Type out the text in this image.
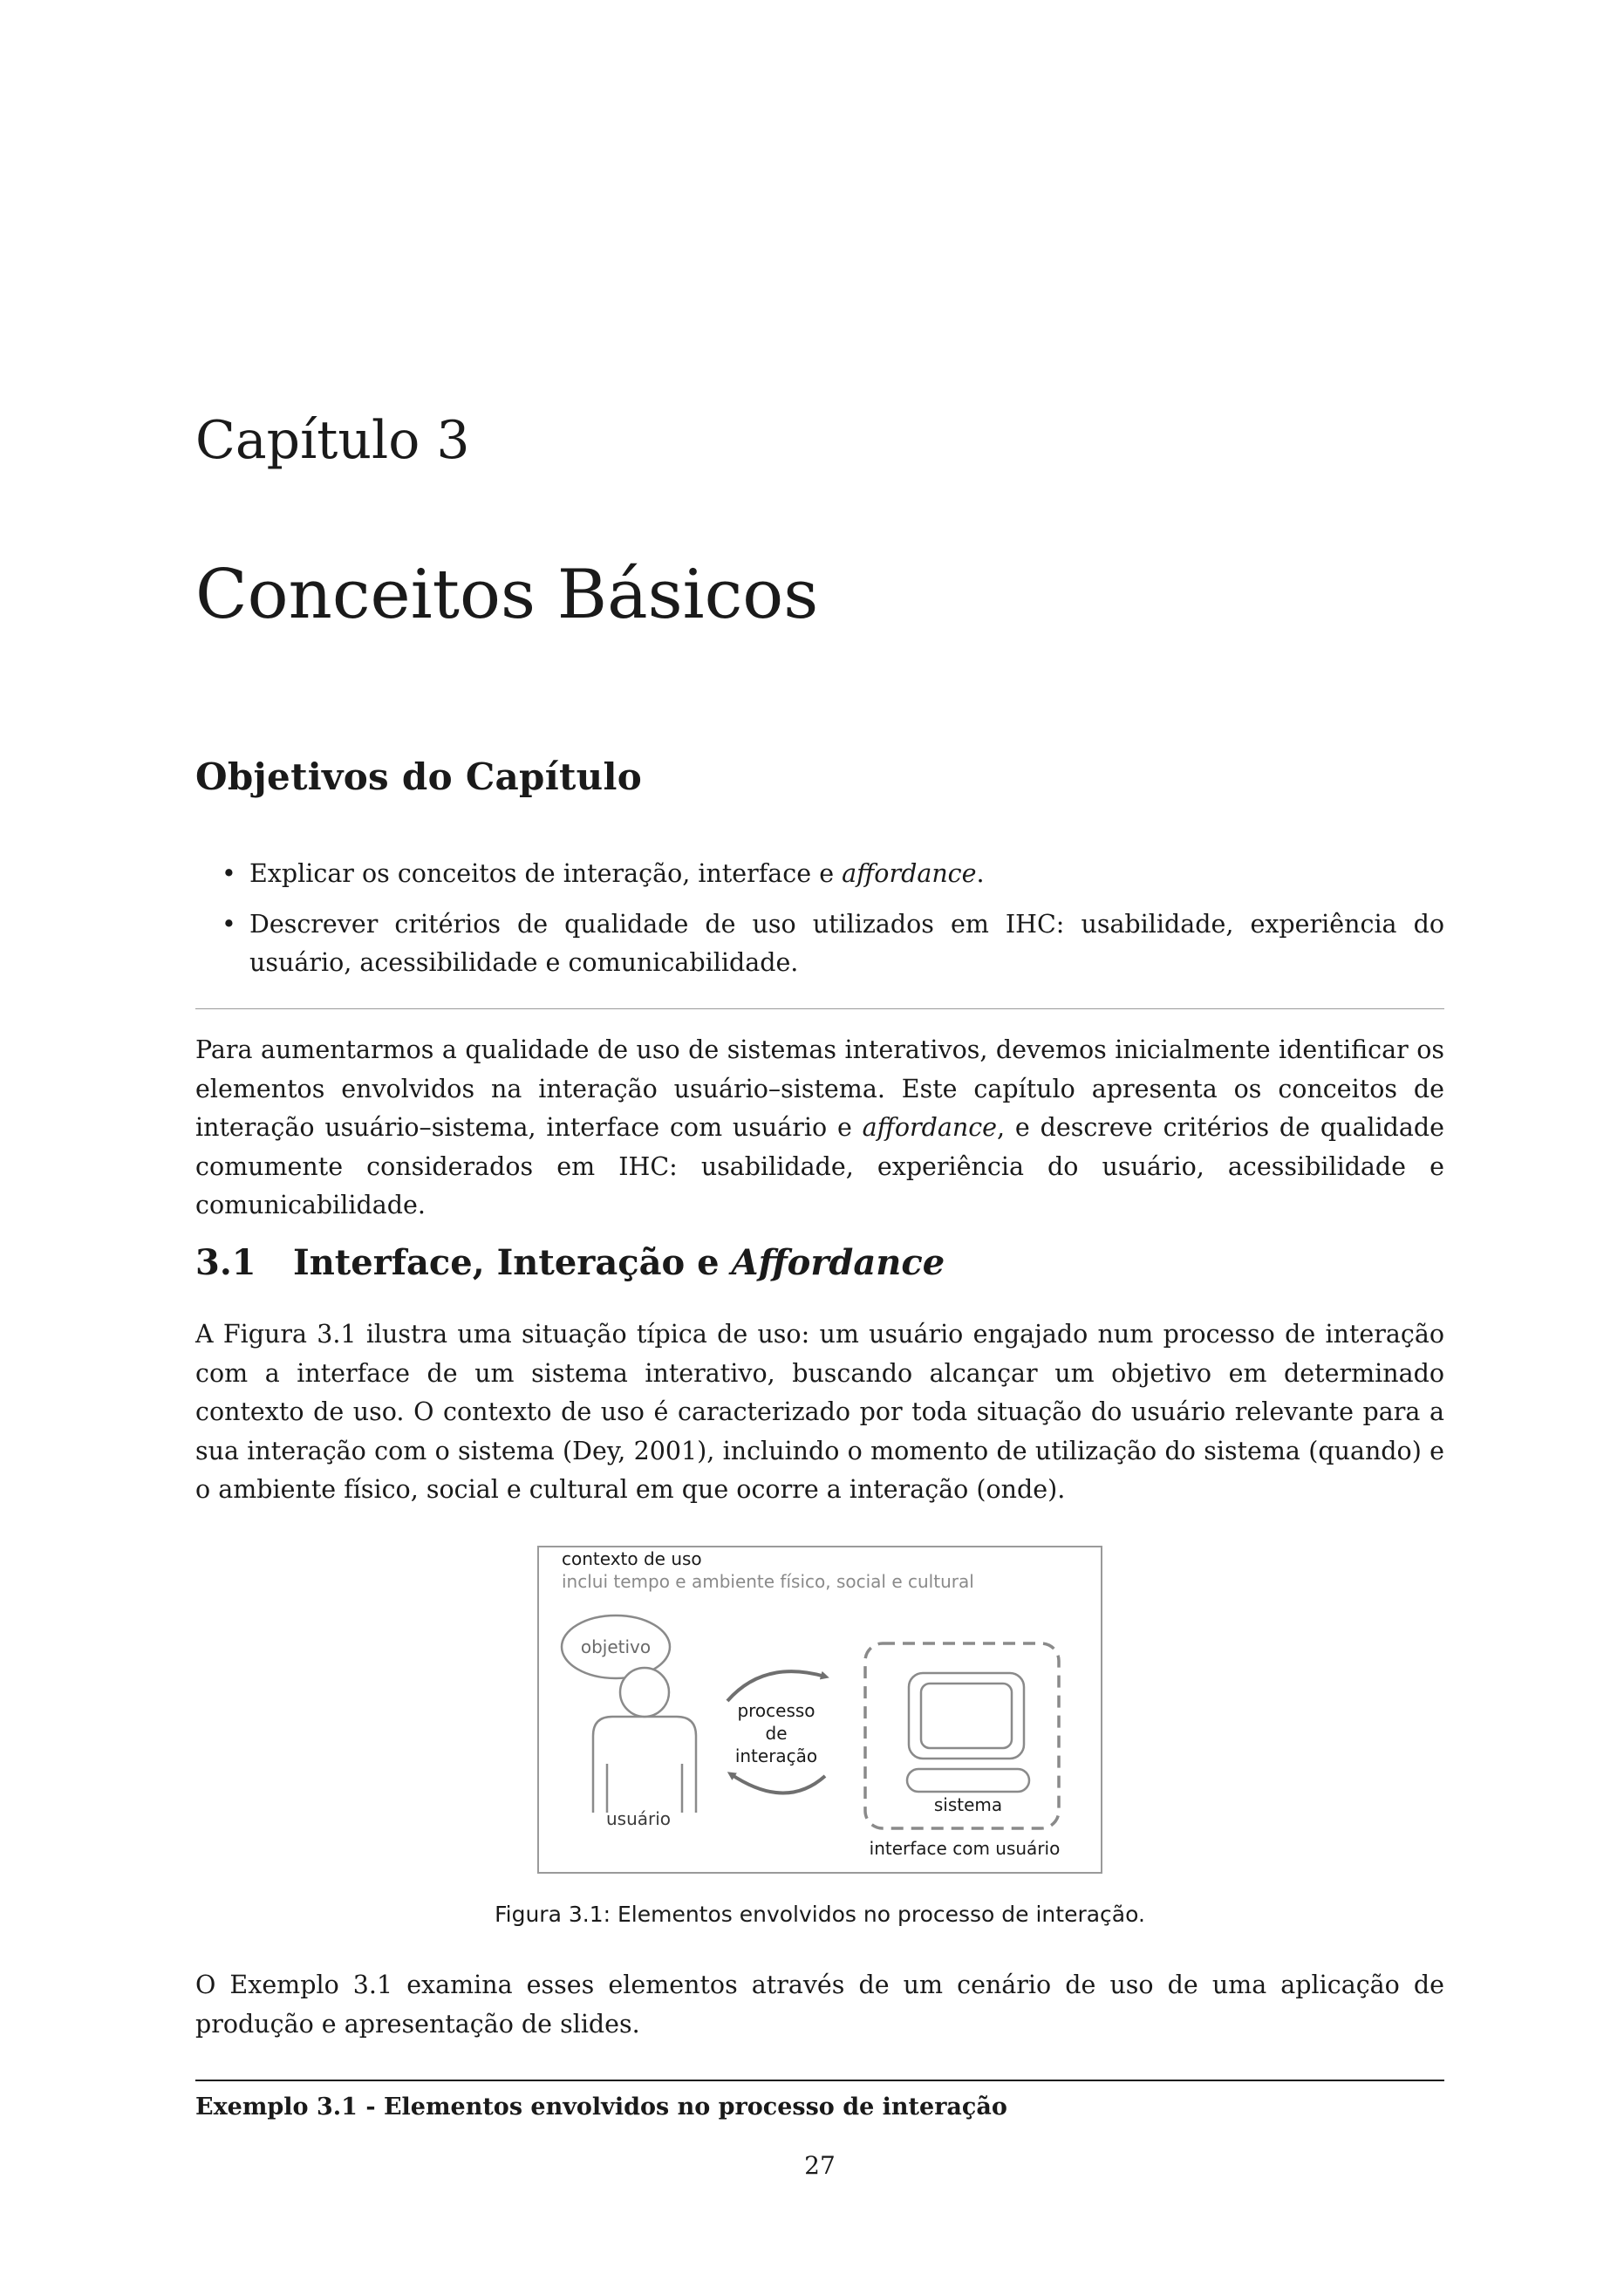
Capítulo 3
Conceitos Básicos
Objetivos do Capítulo
• Explicar os conceitos de interação, interface e affordance.
• Descrever critérios de qualidade de uso utilizados em IHC: usabilidade, experiência do usuário, acessibilidade e comunicabilidade.

Para aumentarmos a qualidade de uso de sistemas interativos, devemos inicialmente identificar os elementos envolvidos na interação usuário–sistema. Este capítulo apresenta os conceitos de interação usuário–sistema, interface com usuário e affordance, e descreve critérios de qualidade comumente considerados em IHC: usabilidade, experiência do usuário, acessibilidade e comunicabilidade.

3.1 Interface, Interação e Affordance

A Figura 3.1 ilustra uma situação típica de uso: um usuário engajado num processo de interação com a interface de um sistema interativo, buscando alcançar um objetivo em determinado contexto de uso. O contexto de uso é caracterizado por toda situação do usuário relevante para a sua interação com o sistema (Dey, 2001), incluindo o momento de utilização do sistema (quando) e o ambiente físico, social e cultural em que ocorre a interação (onde).

contexto de uso
inclui tempo e ambiente físico, social e cultural
objetivo
usuário
processo
de
interação
sistema
interface com usuário
Figura 3.1: Elementos envolvidos no processo de interação.

O Exemplo 3.1 examina esses elementos através de um cenário de uso de uma aplicação de produção e apresentação de slides.

Exemplo 3.1 - Elementos envolvidos no processo de interação
27
